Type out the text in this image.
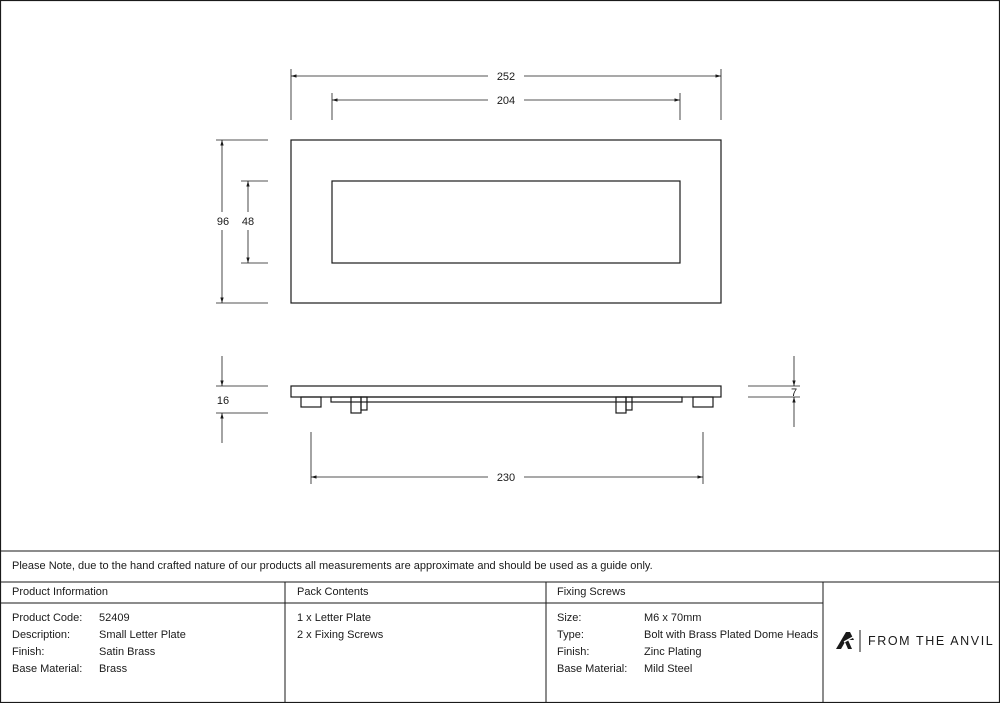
252
204
96 48
16
7
230
Please Note, due to the hand crafted nature of our products all measurements are approximate and should be used as a guide only.
Product Information
Product Code: 52409
Description:	Small Letter Plate
Finish:	Satin Brass
Base Material: Brass
Pack Contents
1 x Letter Plate
2 x Fixing Screws
Fixing Screws
Size:	M6 x 70mm
Type:	Bolt with Brass Plated Dome Heads
Finish:	Zinc Plating
Base Material: Mild Steel
FROM THE ANVIL
